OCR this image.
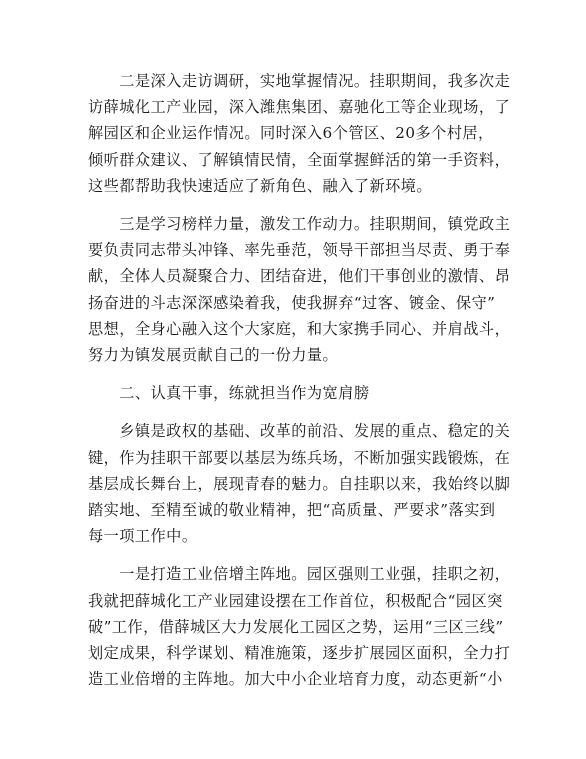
　　二是深入走访调研，实地掌握情况。挂职期间，我多次走
访薛城化工产业园，深入潍焦集团、嘉驰化工等企业现场，了
解园区和企业运作情况。同时深入6个管区、20多个村居，
倾听群众建议、了解镇情民情，全面掌握鲜活的第一手资料，
这些都帮助我快速适应了新角色、融入了新环境。

　　三是学习榜样力量，激发工作动力。挂职期间，镇党政主
要负责同志带头冲锋、率先垂范，领导干部担当尽责、勇于奉
献，全体人员凝聚合力、团结奋进，他们干事创业的激情、昂
扬奋进的斗志深深感染着我，使我摒弃“过客、镀金、保守”
思想，全身心融入这个大家庭，和大家携手同心、并肩战斗，
努力为镇发展贡献自己的一份力量。

　　二、认真干事，练就担当作为宽肩膀

　　乡镇是政权的基础、改革的前沿、发展的重点、稳定的关
键，作为挂职干部要以基层为练兵场，不断加强实践锻炼，在
基层成长舞台上，展现青春的魅力。自挂职以来，我始终以脚
踏实地、至精至诚的敬业精神，把“高质量、严要求”落实到
每一项工作中。

　　一是打造工业倍增主阵地。园区强则工业强，挂职之初，
我就把薛城化工产业园建设摆在工作首位，积极配合“园区突
破”工作，借薛城区大力发展化工园区之势，运用“三区三线”
划定成果，科学谋划、精准施策，逐步扩展园区面积，全力打
造工业倍增的主阵地。加大中小企业培育力度，动态更新“小
